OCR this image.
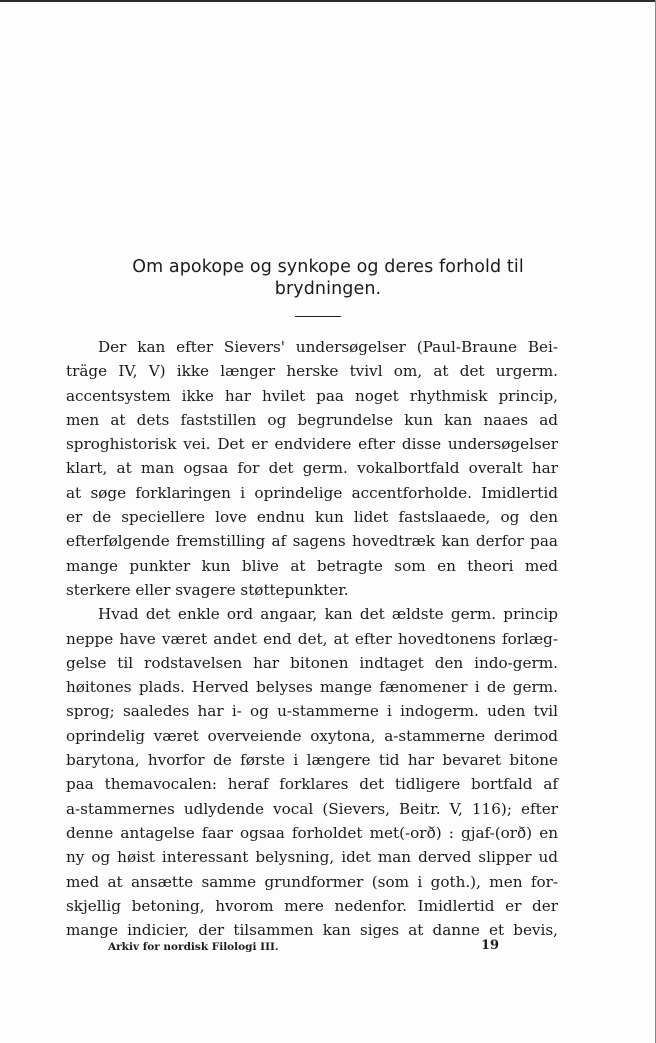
Om apokope og synkope og deres forhold til
brydningen.
Der kan efter Sievers' undersøgelser (Paul-Braune Bei-
träge IV, V) ikke længer herske tvivl om, at det urgerm.
accentsystem ikke har hvilet paa noget rhythmisk princip,
men at dets faststillen og begrundelse kun kan naaes ad
sproghistorisk vei. Det er endvidere efter disse undersøgelser
klart, at man ogsaa for det germ. vokalbortfald overalt har
at søge forklaringen i oprindelige accentforholde. Imidlertid
er de speciellere love endnu kun lidet fastslaaede, og den
efterfølgende fremstilling af sagens hovedtræk kan derfor paa
mange punkter kun blive at betragte som en theori med
sterkere eller svagere støttepunkter.
Hvad det enkle ord angaar, kan det ældste germ. princip
neppe have været andet end det, at efter hovedtonens forlæg-
gelse til rodstavelsen har bitonen indtaget den indo-germ.
høitones plads. Herved belyses mange fænomener i de germ.
sprog; saaledes har i- og u-stammerne i indogerm. uden tvil
oprindelig været overveiende oxytona, a-stammerne derimod
barytona, hvorfor de første i længere tid har bevaret bitone
paa themavocalen: heraf forklares det tidligere bortfald af
a-stammernes udlydende vocal (Sievers, Beitr. V, 116); efter
denne antagelse faar ogsaa forholdet met(-orð) : gjaf-(orð) en
ny og høist interessant belysning, idet man derved slipper ud
med at ansætte samme grundformer (som i goth.), men for-
skjellig betoning, hvorom mere nedenfor. Imidlertid er der
mange indicier, der tilsammen kan siges at danne et bevis,
Arkiv for nordisk Filologi III.	19
